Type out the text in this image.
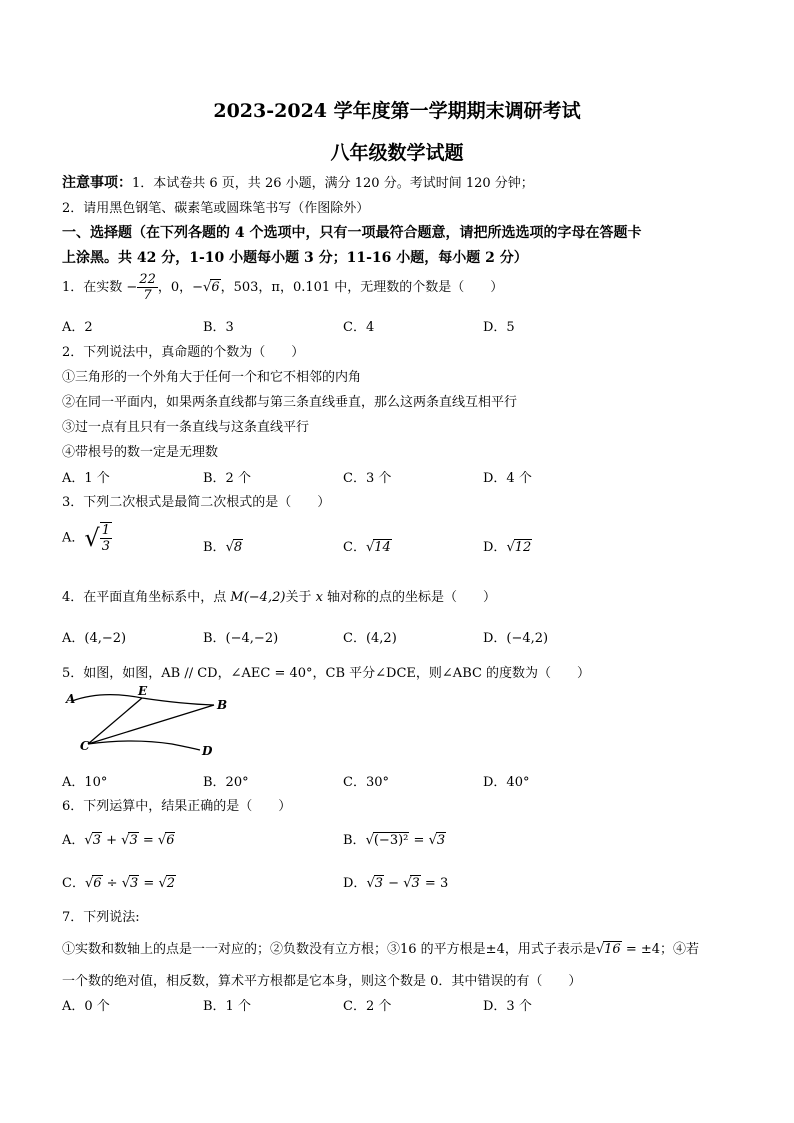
2023-2024 学年度第一学期期末调研考试
八年级数学试题
注意事项：1．本试卷共 6 页，共 26 小题，满分 120 分。考试时间 120 分钟；
2．请用黑色钢笔、碳素笔或圆珠笔书写（作图除外）
一、选择题（在下列各题的 4 个选项中，只有一项最符合题意，请把所选选项的字母在答题卡
上涂黑。共 42 分，1-10 小题每小题 3 分；11-16 小题，每小题 2 分）
1．在实数 − $\frac{22}{7}$ ，0，−√6，503，π，0.101 中，无理数的个数是（　　）
A．2	B．3	C．4	D．5
2．下列说法中，真命题的个数为（　　）
①三角形的一个外角大于任何一个和它不相邻的内角
②在同一平面内，如果两条直线都与第三条直线垂直，那么这两条直线互相平行
③过一点有且只有一条直线与这条直线平行
④带根号的数一定是无理数
A．1 个	B．2 个	C．3 个	D．4 个
3．下列二次根式是最简二次根式的是（　　）
A．√ $\frac{1}{3}$	B．√8	C．√14	D．√12
4．在平面直角坐标系中，点 M(−4,2)关于 x 轴对称的点的坐标是（　　）
A．(4,−2)	B．(−4,−2)	C．(4,2)	D．(−4,2)
5．如图，如图，AB // CD，∠AEC = 40°，CB 平分∠DCE，则∠ABC 的度数为（　　）
A
E
B
C	D
A．10°	B．20°	C．30°	D．40°
6．下列运算中，结果正确的是（　　）
A．√3 + √3 = √6	B．√(−3)² = √3
C．√6 ÷ √3 = √2	D．√3 − √3 = 3
7．下列说法:
①实数和数轴上的点是一一对应的；②负数没有立方根；③16 的平方根是±4，用式子表示是√16 = ±4；④若
一个数的绝对值，相反数，算术平方根都是它本身，则这个数是 0．其中错误的有（　　）
A．0 个	B．1 个	C．2 个	D．3 个
